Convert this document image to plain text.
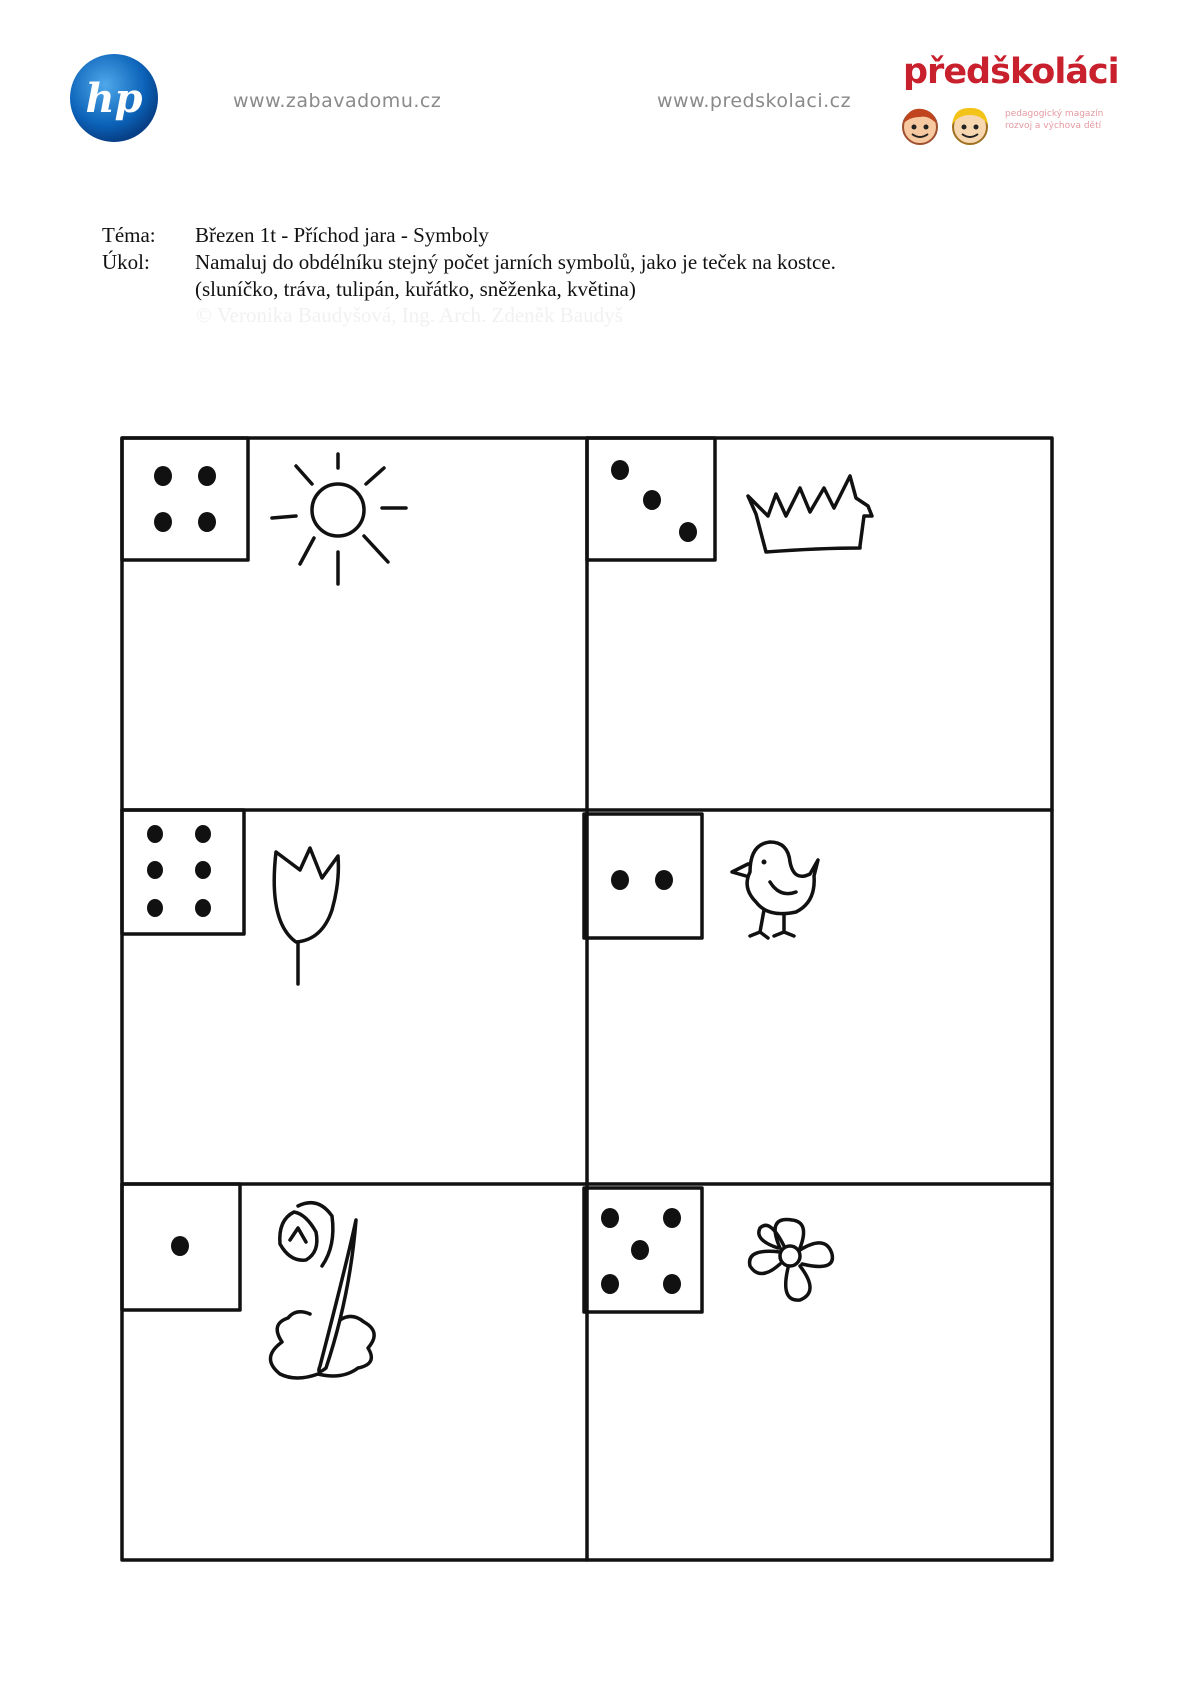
hp	www.zabavadomu.cz	www.predskolaci.cz
předškoláci
pedagogický magazín
rozvoj a výchova dětí
Téma:	Březen 1t - Příchod jara - Symboly
Úkol:	Namaluj do obdélníku stejný počet jarních symbolů, jako je teček na kostce.
(sluníčko, tráva, tulipán, kuřátko, sněženka, květina)
© Veronika Baudyšová, Ing. Arch. Zdeněk Baudyš
